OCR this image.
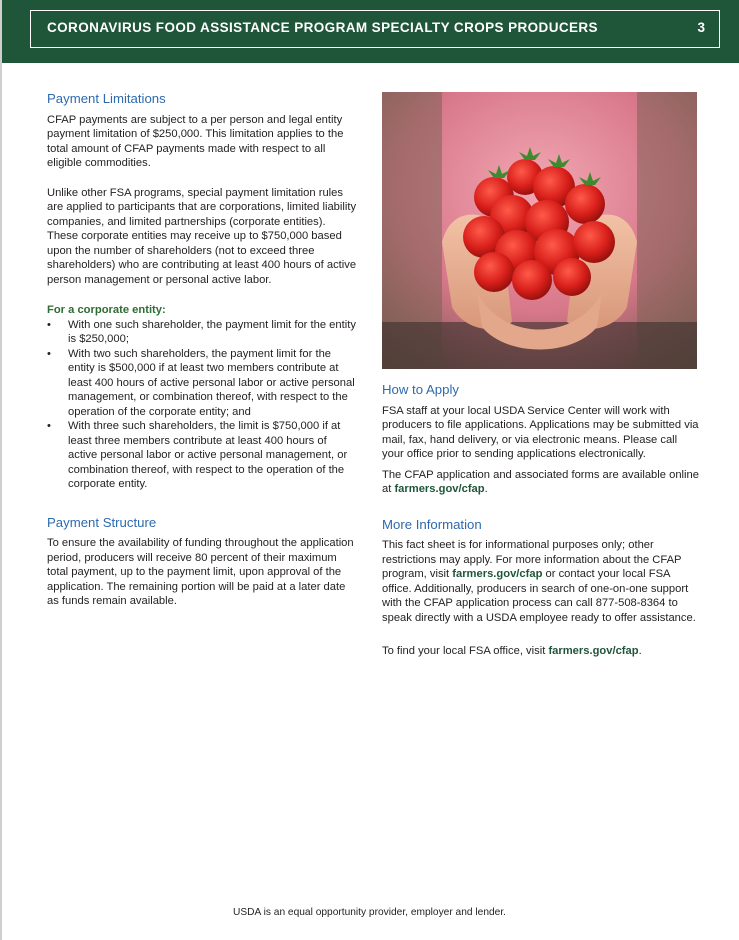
CORONAVIRUS FOOD ASSISTANCE PROGRAM SPECIALTY CROPS PRODUCERS	3
Payment Limitations

CFAP payments are subject to a per person and legal entity payment limitation of $250,000. This limitation applies to the total amount of CFAP payments made with respect to all eligible commodities.

Unlike other FSA programs, special payment limitation rules are applied to participants that are corporations, limited liability companies, and limited partnerships (corporate entities). These corporate entities may receive up to $750,000 based upon the number of shareholders (not to exceed three shareholders) who are contributing at least 400 hours of active person management or personal active labor.

For a corporate entity:
• With one such shareholder, the payment limit for the entity is $250,000;
• With two such shareholders, the payment limit for the entity is $500,000 if at least two members contribute at least 400 hours of active personal labor or active personal management, or combination thereof, with respect to the operation of the corporate entity; and
• With three such shareholders, the limit is $750,000 if at least three members contribute at least 400 hours of active personal labor or active personal management, or combination thereof, with respect to the operation of the corporate entity.
Payment Structure

To ensure the availability of funding throughout the application period, producers will receive 80 percent of their maximum total payment, up to the payment limit, upon approval of the application. The remaining portion will be paid at a later date as funds remain available.

How to Apply

FSA staff at your local USDA Service Center will work with producers to file applications. Applications may be submitted via mail, fax, hand delivery, or via electronic means. Please call your office prior to sending applications electronically.

The CFAP application and associated forms are available online at farmers.gov/cfap.

More Information

This fact sheet is for informational purposes only; other restrictions may apply. For more information about the CFAP program, visit farmers.gov/cfap or contact your local FSA office. Additionally, producers in search of one-on-one support with the CFAP application process can call 877-508-8364 to speak directly with a USDA employee ready to offer assistance.

To find your local FSA office, visit farmers.gov/cfap.

USDA is an equal opportunity provider, employer and lender.
